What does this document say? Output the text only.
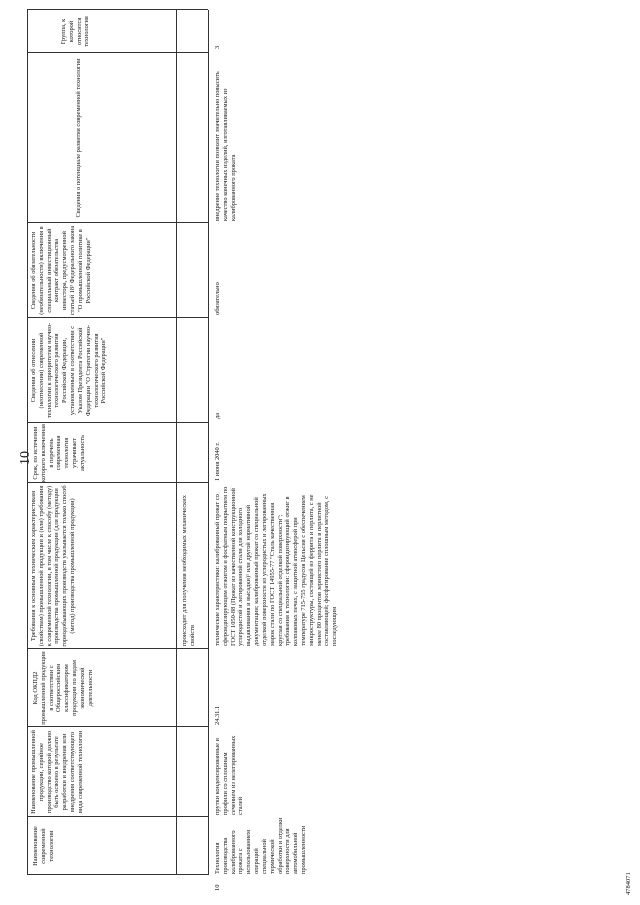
10
Наименование современной технологии
Наименование промышленной продукции, серийное производство которой должно быть освоено в результате разработки и внедрения или внедрения соответствующего вида современной технологии
Код ОКПД2 промышленной продукции в соответствии с Общероссийским классификатором продукции по видам экономической деятельности
Требования к основным техническим характеристикам (свойствам) промышленной продукции и (или) требования к современной технологии, в том числе к способу (методу) производства промышленной продукции (для продукции горнодобывающих производств указывается только способ (метод) производства промышленной продукции)
Срок, по истечении которого включенная в перечень современная технология утрачивает актуальность
Сведения об отнесении (неотнесении) современной технологии к приоритетам научно-технологического развития Российской Федерации, установленным в соответствии с Указом Президента Российской Федерации "О Стратегии научно-технологического развития Российской Федерации"
Сведения об обязательности (необязательности) включения в специальный инвестиционный контракт обязательства инвестора, предусмотренной статьей 18³ Федерального закона "О промышленной политике в Российской Федерации"
Сведения о потенциале развития современной технологии
Группа, к которой относится технология
происходит для получения необходимых механических свойств
10
Технология производства калиброванного проката с использованием операций специальной термической обработки и отделки поверхности для автомобильной промышленности
прутки конденсированные и профили со сплошным сечением из нелегированных сталей
24.31.1
технические характеристики: калиброванный прокат со сфероидизирующим отжигом и фосфатным покрытием по ГОСТ 1050-88 (Прокат из качественной конструкционной углеродистой и легированной стали для холодного выдавливания и высадки)¹ или другой нормативной документации; калиброванный прокат со специальной отделкой поверхности из углеродистых и легированных марок стали по ГОСТ 14955-77 "Сталь качественная круглая со специальной отделкой поверхности"; требования к технологии: сфероидизирующий отжиг в колпаковых печах, с защитной атмосферой при температуре 715-755 градусов Цельсия с обеспечением микроструктуры, состоящей из феррита и перлита, с не менее 80 процентов зернистого перлита в перлитной составляющей; фосфатирование сплошным методом, с последующим
1 июня 2040 г.
да
обязательно
внедрение технологии позволит значительно повысить качество конечных изделий, изготавливаемых из калиброванного проката
3
4784071
